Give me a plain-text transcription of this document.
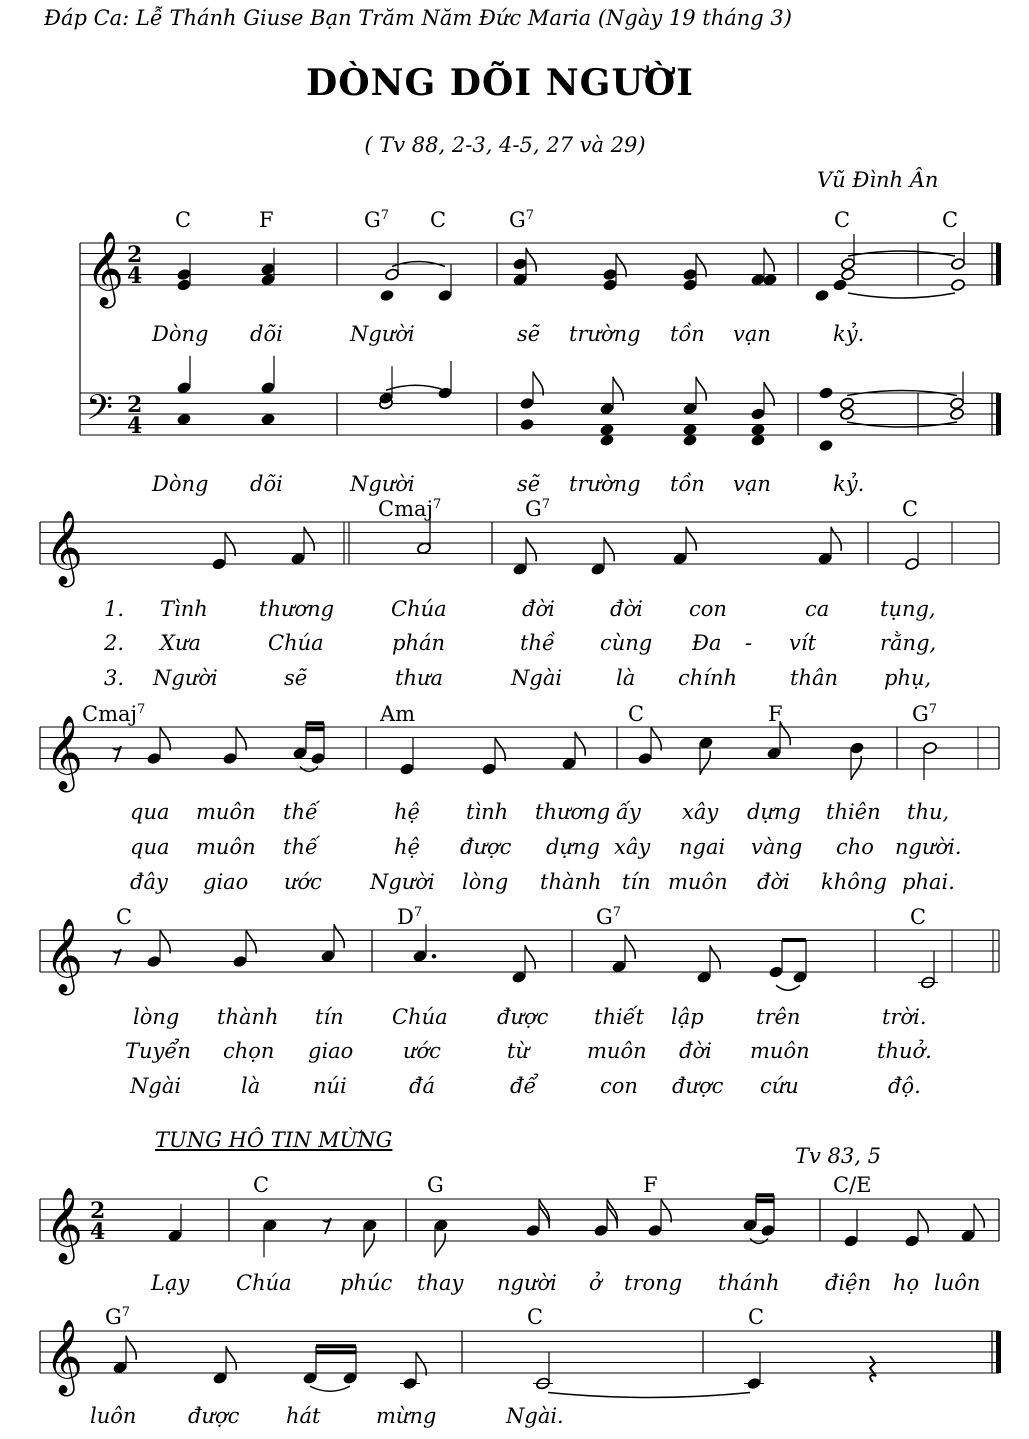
Đáp Ca: Lễ Thánh Giuse Bạn Trăm Năm Đức Maria (Ngày 19 tháng 3)
DÒNG DÕI NGƯỜI
( Tv 88, 2-3, 4-5, 27 và 29)
Vũ Đình Ân
TUNG HÔ TIN MỪNG
Tv 83, 5
C	F	$G^7$ C	$G^7$	C	C
Cmaj$^7$	$G^7$	C
Cmaj$^7$	Am	C	F	$G^7$
C	$D^7$	$G^7$	C
C	G	F	C/E
$G^7$	C	C
Dòng dõi	Người	sẽ trường tồn vạn	kỷ.
Dòng dõi	Người	sẽ trường tồn vạn	kỷ.
1. Tình thương	Chúa	đời	đời con	ca tụng,
2. Xưa	Chúa	phán	thề cùng Đa - vít	rằng,
3. Người	sẽ	thưa	Ngài	là chính	thân phụ,
qua muôn thế	hệ tình thương ấy xây dựng thiên thu,
qua muôn thế	hệ được dựng xây ngai vàng cho người.
đây giao ước Người lòng thành tín muôn đời không phai.
lòng thành tín Chúa được thiết lập trên	trời.
Tuyển chọn giao ước	từ	muôn đời muôn	thuở.
Ngài	là	núi	đá	để	con được cứu	độ.
Lạy Chúa phúc thay người ở trong thánh điện họ luôn
luôn được hát	mừng	Ngài.
𝄞 2
4
𝄢 2
4
𝄞
𝄞
𝄞
𝄞 2
4
𝄞
